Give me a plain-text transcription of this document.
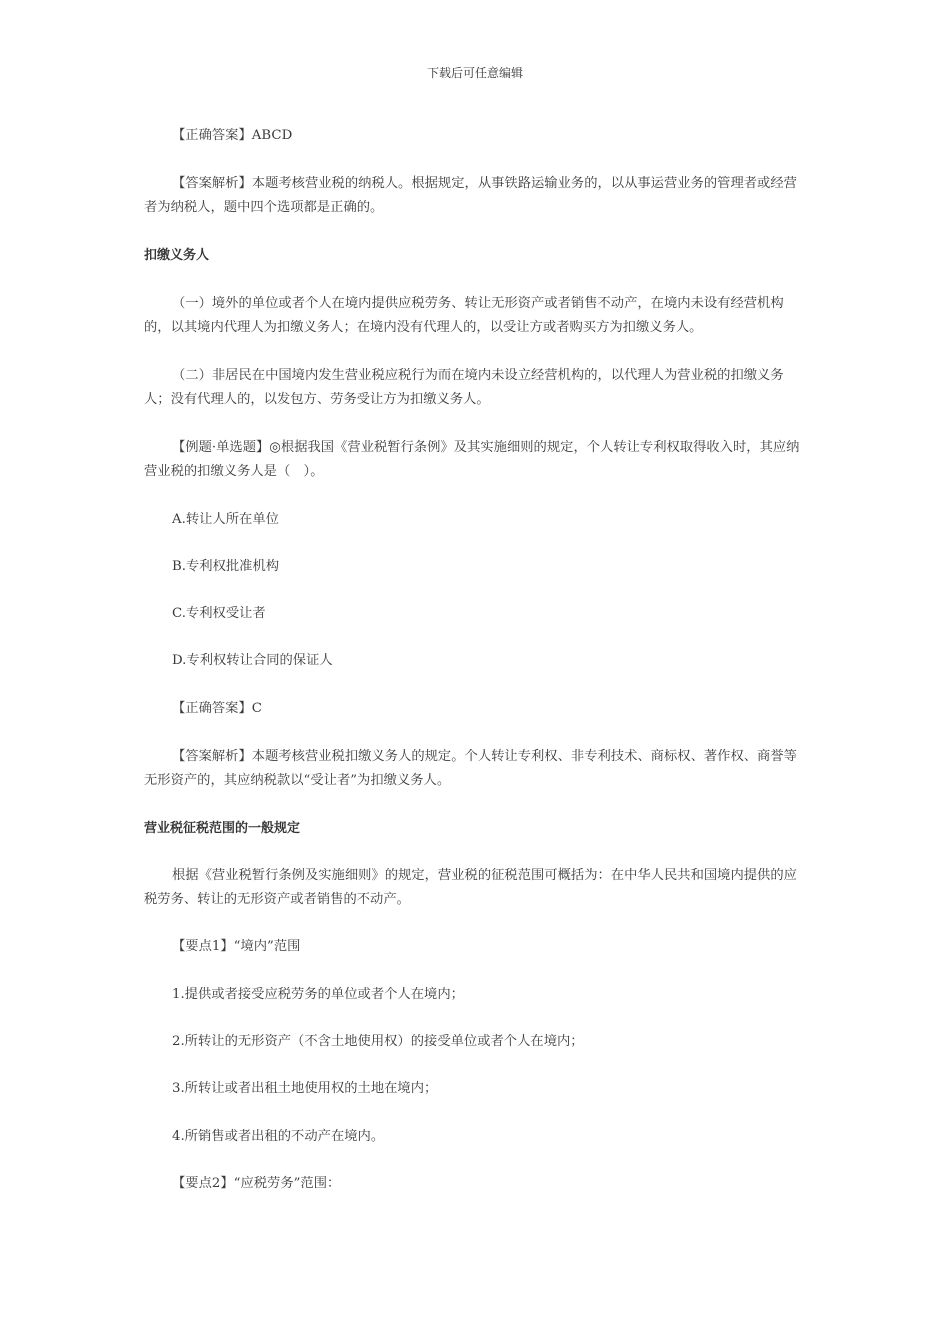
下载后可任意编辑

【正确答案】ABCD

【答案解析】本题考核营业税的纳税人。根据规定，从事铁路运输业务的，以从事运营业务的管理者或经营者为纳税人，题中四个选项都是正确的。

扣缴义务人

（一）境外的单位或者个人在境内提供应税劳务、转让无形资产或者销售不动产，在境内未设有经营机构的，以其境内代理人为扣缴义务人；在境内没有代理人的，以受让方或者购买方为扣缴义务人。

（二）非居民在中国境内发生营业税应税行为而在境内未设立经营机构的，以代理人为营业税的扣缴义务人；没有代理人的，以发包方、劳务受让方为扣缴义务人。

【例题·单选题】◎根据我国《营业税暂行条例》及其实施细则的规定，个人转让专利权取得收入时，其应纳营业税的扣缴义务人是（　）。

A.转让人所在单位

B.专利权批准机构

C.专利权受让者

D.专利权转让合同的保证人

【正确答案】C

【答案解析】本题考核营业税扣缴义务人的规定。个人转让专利权、非专利技术、商标权、著作权、商誉等无形资产的，其应纳税款以“受让者”为扣缴义务人。

营业税征税范围的一般规定

根据《营业税暂行条例及实施细则》的规定，营业税的征税范围可概括为：在中华人民共和国境内提供的应税劳务、转让的无形资产或者销售的不动产。

【要点1】“境内”范围

1.提供或者接受应税劳务的单位或者个人在境内；

2.所转让的无形资产（不含土地使用权）的接受单位或者个人在境内；

3.所转让或者出租土地使用权的土地在境内；

4.所销售或者出租的不动产在境内。

【要点2】“应税劳务”范围：
